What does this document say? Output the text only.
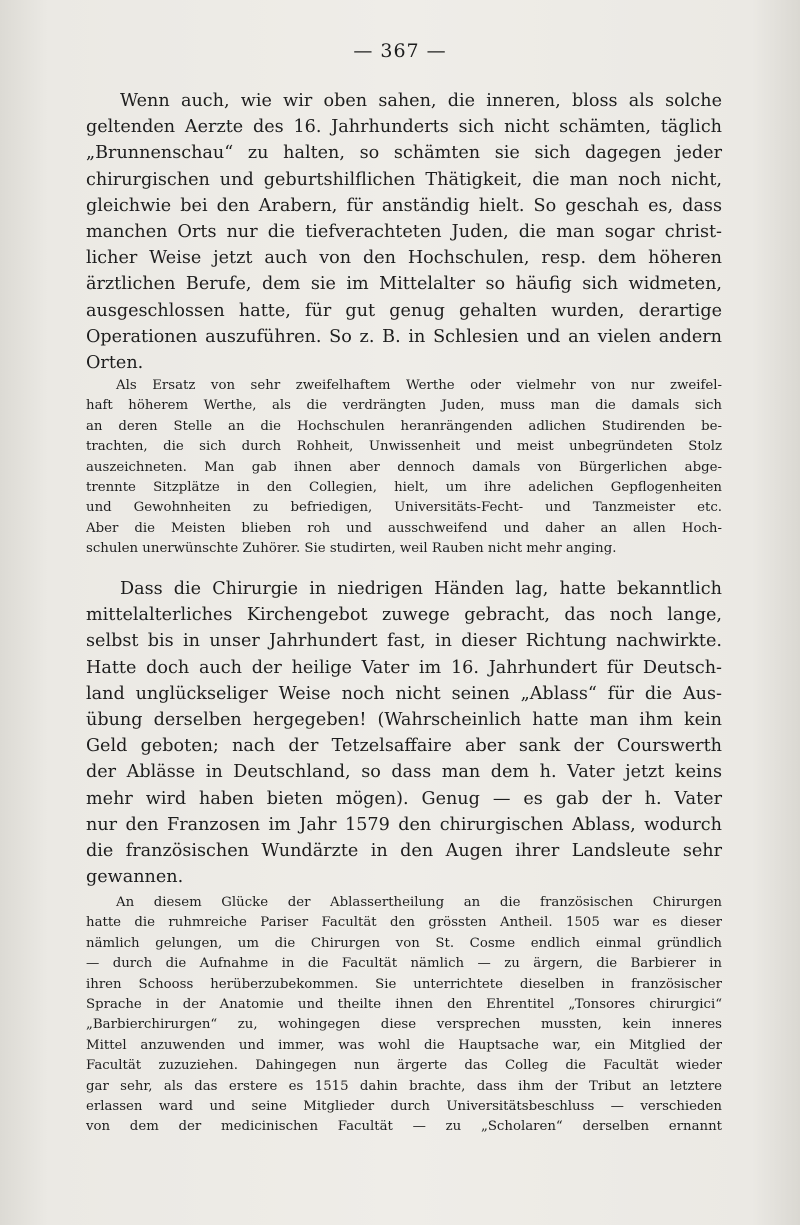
— 367 —
Wenn auch, wie wir oben sahen, die inneren, bloss als solche
geltenden Aerzte des 16. Jahrhunderts sich nicht schämten, täglich
„Brunnenschau“ zu halten, so schämten sie sich dagegen jeder
chirurgischen und geburtshilflichen Thätigkeit, die man noch nicht,
gleichwie bei den Arabern, für anständig hielt. So geschah es, dass
manchen Orts nur die tiefverachteten Juden, die man sogar christ-
licher Weise jetzt auch von den Hochschulen, resp. dem höheren
ärztlichen Berufe, dem sie im Mittelalter so häufig sich widmeten,
ausgeschlossen hatte, für gut genug gehalten wurden, derartige
Operationen auszuführen. So z. B. in Schlesien und an vielen andern
Orten.
Als Ersatz von sehr zweifelhaftem Werthe oder vielmehr von nur zweifel-
haft höherem Werthe, als die verdrängten Juden, muss man die damals sich
an deren Stelle an die Hochschulen heranrängenden adlichen Studirenden be-
trachten, die sich durch Rohheit, Unwissenheit und meist unbegründeten Stolz
auszeichneten. Man gab ihnen aber dennoch damals von Bürgerlichen abge-
trennte Sitzplätze in den Collegien, hielt, um ihre adelichen Gepflogenheiten
und Gewohnheiten zu befriedigen, Universitäts-Fecht- und Tanzmeister etc.
Aber die Meisten blieben roh und ausschweifend und daher an allen Hoch-
schulen unerwünschte Zuhörer. Sie studirten, weil Rauben nicht mehr anging.
Dass die Chirurgie in niedrigen Händen lag, hatte bekanntlich
mittelalterliches Kirchengebot zuwege gebracht, das noch lange,
selbst bis in unser Jahrhundert fast, in dieser Richtung nachwirkte.
Hatte doch auch der heilige Vater im 16. Jahrhundert für Deutsch-
land unglückseliger Weise noch nicht seinen „Ablass“ für die Aus-
übung derselben hergegeben! (Wahrscheinlich hatte man ihm kein
Geld geboten; nach der Tetzelsaffaire aber sank der Courswerth
der Ablässe in Deutschland, so dass man dem h. Vater jetzt keins
mehr wird haben bieten mögen). Genug — es gab der h. Vater
nur den Franzosen im Jahr 1579 den chirurgischen Ablass, wodurch
die französischen Wundärzte in den Augen ihrer Landsleute sehr
gewannen.
An diesem Glücke der Ablassertheilung an die französischen Chirurgen
hatte die ruhmreiche Pariser Facultät den grössten Antheil. 1505 war es dieser
nämlich gelungen, um die Chirurgen von St. Cosme endlich einmal gründlich
— durch die Aufnahme in die Facultät nämlich — zu ärgern, die Barbierer in
ihren Schooss herüberzubekommen. Sie unterrichtete dieselben in französischer
Sprache in der Anatomie und theilte ihnen den Ehrentitel „Tonsores chirurgici“
„Barbierchirurgen“ zu, wohingegen diese versprechen mussten, kein inneres
Mittel anzuwenden und immer, was wohl die Hauptsache war, ein Mitglied der
Facultät zuzuziehen. Dahingegen nun ärgerte das Colleg die Facultät wieder
gar sehr, als das erstere es 1515 dahin brachte, dass ihm der Tribut an letztere
erlassen ward und seine Mitglieder durch Universitätsbeschluss — verschieden
von dem der medicinischen Facultät — zu „Scholaren“ derselben ernannt
